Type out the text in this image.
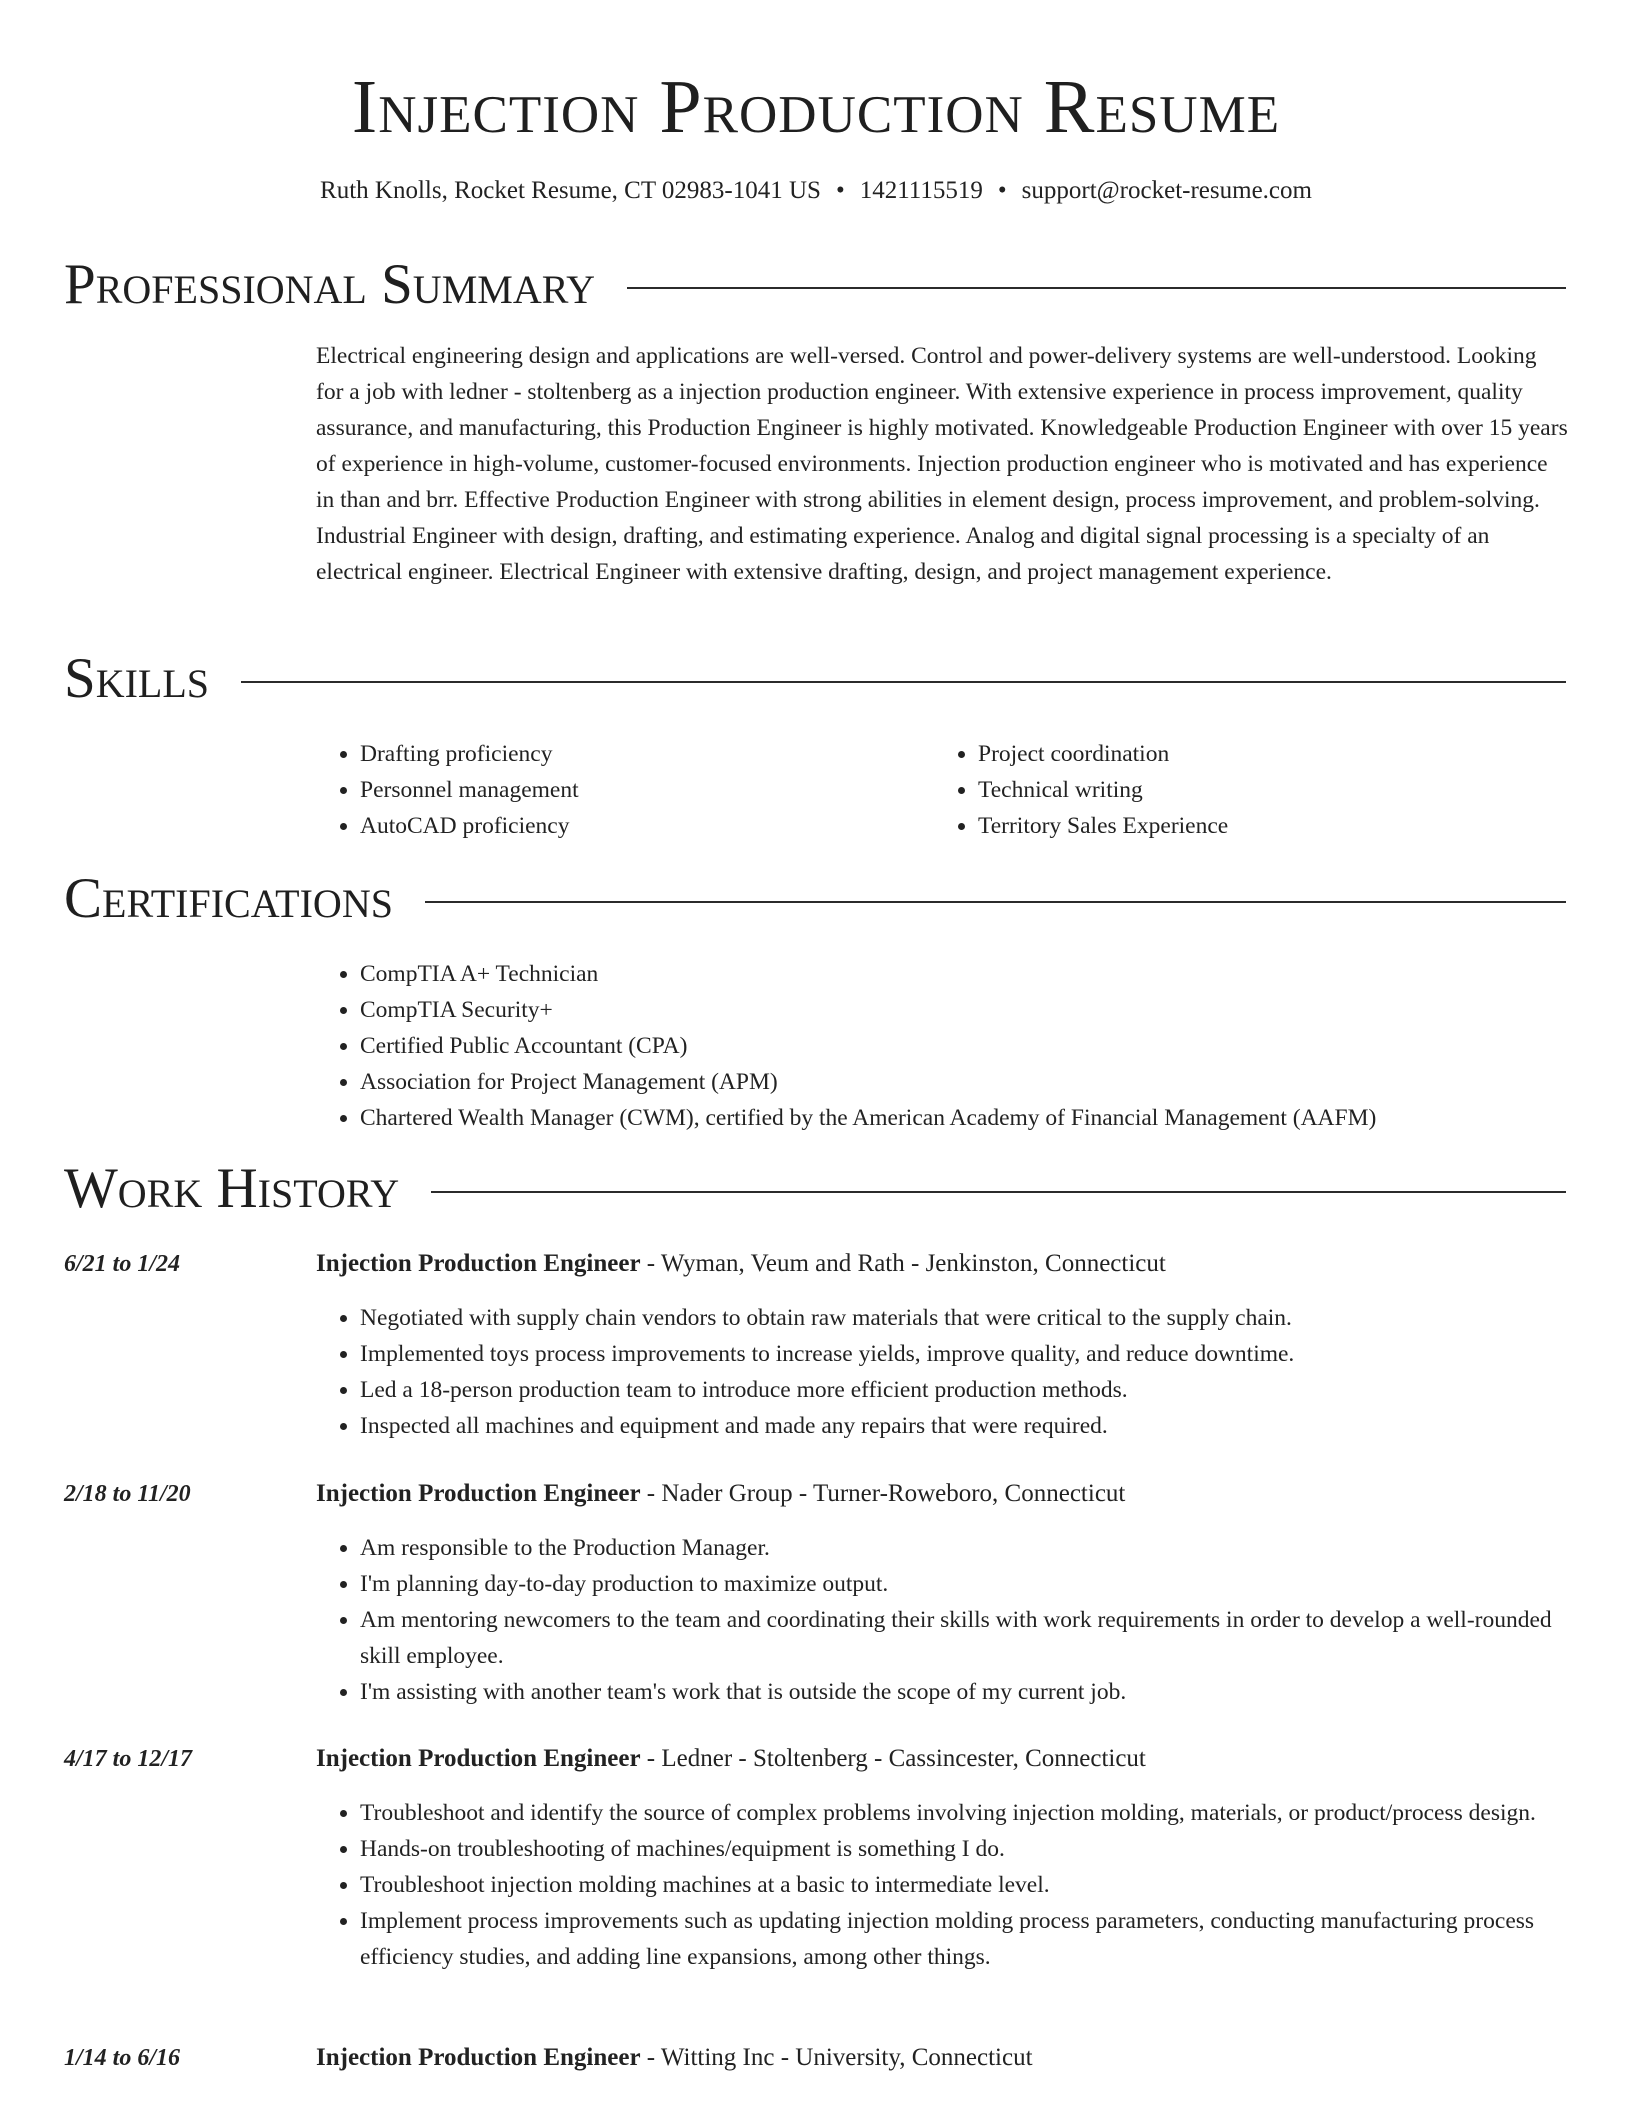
Injection Production Resume
Ruth Knolls, Rocket Resume, CT 02983-1041 US • 1421115519 • support@rocket-resume.com
Professional Summary

Electrical engineering design and applications are well-versed. Control and power-delivery systems are well-understood. Looking for a job with ledner - stoltenberg as a injection production engineer. With extensive experience in process improvement, quality assurance, and manufacturing, this Production Engineer is highly motivated. Knowledgeable Production Engineer with over 15 years of experience in high-volume, customer-focused environments. Injection production engineer who is motivated and has experience in than and brr. Effective Production Engineer with strong abilities in element design, process improvement, and problem-solving. Industrial Engineer with design, drafting, and estimating experience. Analog and digital signal processing is a specialty of an electrical engineer. Electrical Engineer with extensive drafting, design, and project management experience.

Skills
• Drafting proficiency
• Personnel management
• AutoCAD proficiency
• Project coordination
• Technical writing
• Territory Sales Experience
Certifications
• CompTIA A+ Technician
• CompTIA Security+
• Certified Public Accountant (CPA)
• Association for Project Management (APM)
• Chartered Wealth Manager (CWM), certified by the American Academy of Financial Management (AAFM)
Work History
6/21 to 1/24	Injection Production Engineer - Wyman, Veum and Rath - Jenkinston, Connecticut
• Negotiated with supply chain vendors to obtain raw materials that were critical to the supply chain.
• Implemented toys process improvements to increase yields, improve quality, and reduce downtime.
• Led a 18-person production team to introduce more efficient production methods.
• Inspected all machines and equipment and made any repairs that were required.
2/18 to 11/20	Injection Production Engineer - Nader Group - Turner-Roweboro, Connecticut
• Am responsible to the Production Manager.
• I'm planning day-to-day production to maximize output.
• Am mentoring newcomers to the team and coordinating their skills with work requirements in order to develop a well-rounded skill employee.
• I'm assisting with another team's work that is outside the scope of my current job.
4/17 to 12/17	Injection Production Engineer - Ledner - Stoltenberg - Cassincester, Connecticut
• Troubleshoot and identify the source of complex problems involving injection molding, materials, or product/process design.
• Hands-on troubleshooting of machines/equipment is something I do.
• Troubleshoot injection molding machines at a basic to intermediate level.
• Implement process improvements such as updating injection molding process parameters, conducting manufacturing process efficiency studies, and adding line expansions, among other things.
1/14 to 6/16	Injection Production Engineer - Witting Inc - University, Connecticut
